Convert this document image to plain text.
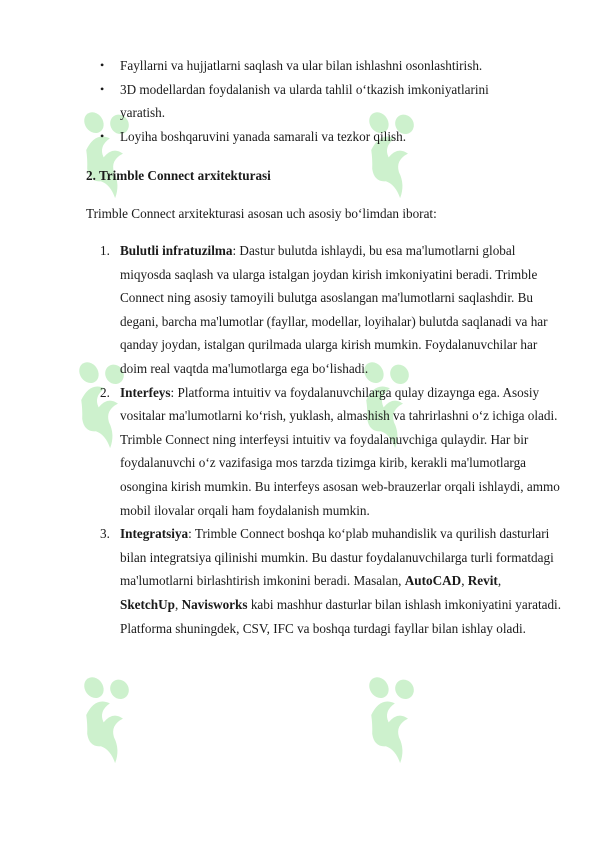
• Fayllarni va hujjatlarni saqlash va ular bilan ishlashni osonlashtirish.
• 3D modellardan foydalanish va ularda tahlil o‘tkazish imkoniyatlarini yaratish.
• Loyiha boshqaruvini yanada samarali va tezkor qilish.
2. Trimble Connect arxitekturasi

Trimble Connect arxitekturasi asosan uch asosiy bo‘limdan iborat:

1. Bulutli infratuzilma: Dastur bulutda ishlaydi, bu esa ma'lumotlarni global miqyosda saqlash va ularga istalgan joydan kirish imkoniyatini beradi. Trimble Connect ning asosiy tamoyili bulutga asoslangan ma'lumotlarni saqlashdir. Bu degani, barcha ma'lumotlar (fayllar, modellar, loyihalar) bulutda saqlanadi va har qanday joydan, istalgan qurilmada ularga kirish mumkin. Foydalanuvchilar har doim real vaqtda ma'lumotlarga ega bo‘lishadi.
2. Interfeys: Platforma intuitiv va foydalanuvchilarga qulay dizaynga ega. Asosiy vositalar ma'lumotlarni ko‘rish, yuklash, almashish va tahrirlashni o‘z ichiga oladi. Trimble Connect ning interfeysi intuitiv va foydalanuvchiga qulaydir. Har bir foydalanuvchi o‘z vazifasiga mos tarzda tizimga kirib, kerakli ma'lumotlarga osongina kirish mumkin. Bu interfeys asosan web-brauzerlar orqali ishlaydi, ammo mobil ilovalar orqali ham foydalanish mumkin.
3. Integratsiya: Trimble Connect boshqa ko‘plab muhandislik va qurilish dasturlari bilan integratsiya qilinishi mumkin. Bu dastur foydalanuvchilarga turli formatdagi ma'lumotlarni birlashtirish imkonini beradi. Masalan, AutoCAD, Revit, SketchUp, Navisworks kabi mashhur dasturlar bilan ishlash imkoniyatini yaratadi. Platforma shuningdek, CSV, IFC va boshqa turdagi fayllar bilan ishlay oladi.
